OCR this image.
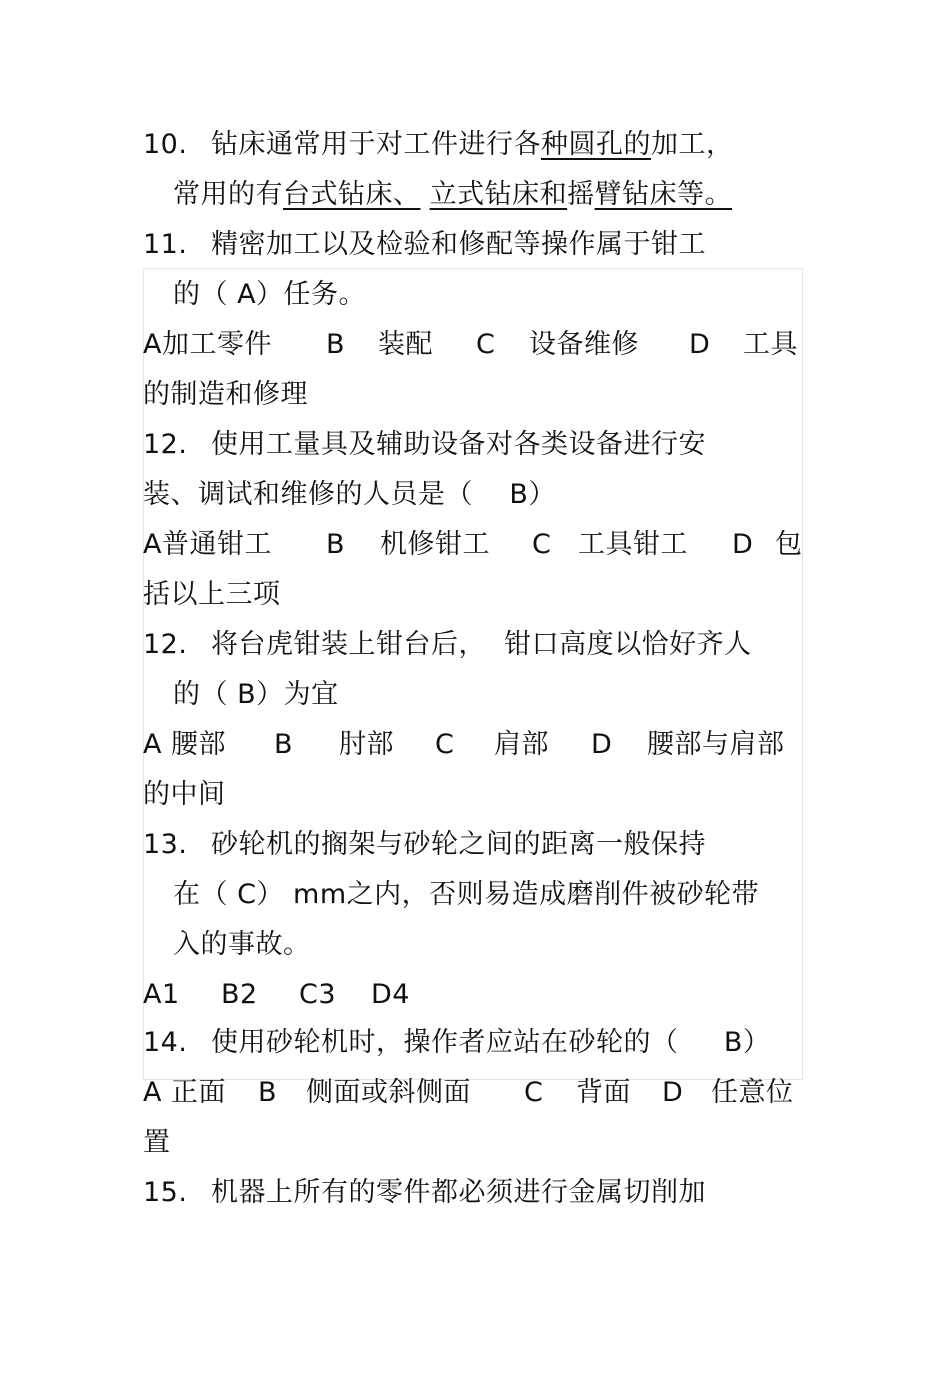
10. 钻床通常用于对工件进行各种圆孔的加工，
常用的有台式钻床、 立式钻床和摇臂钻床等。
11. 精密加工以及检验和修配等操作属于钳工
的（ A）任务。

A加工零件

B

装配

C

设备维修

D

工具

的制造和修理
12. 使用工量具及辅助设备对各类设备进行安
装、调试和维修的人员是（    B）

A普通钳工

B

机修钳工

C

工具钳工

D

包

括以上三项
12. 将台虎钳装上钳台后，  钳口高度以恰好齐人
的（ B）为宜

A 腰部

B

肘部

C

肩部

D

腰部与肩部

的中间
13. 砂轮机的搁架与砂轮之间的距离一般保持
在（ C） mm之内，否则易造成磨削件被砂轮带
入的事故。

A1

B2

C3

D4

14. 使用砂轮机时，操作者应站在砂轮的（     B）

A 正面

B

侧面或斜侧面

C

背面

D

任意位

置
15. 机器上所有的零件都必须进行金属切削加
